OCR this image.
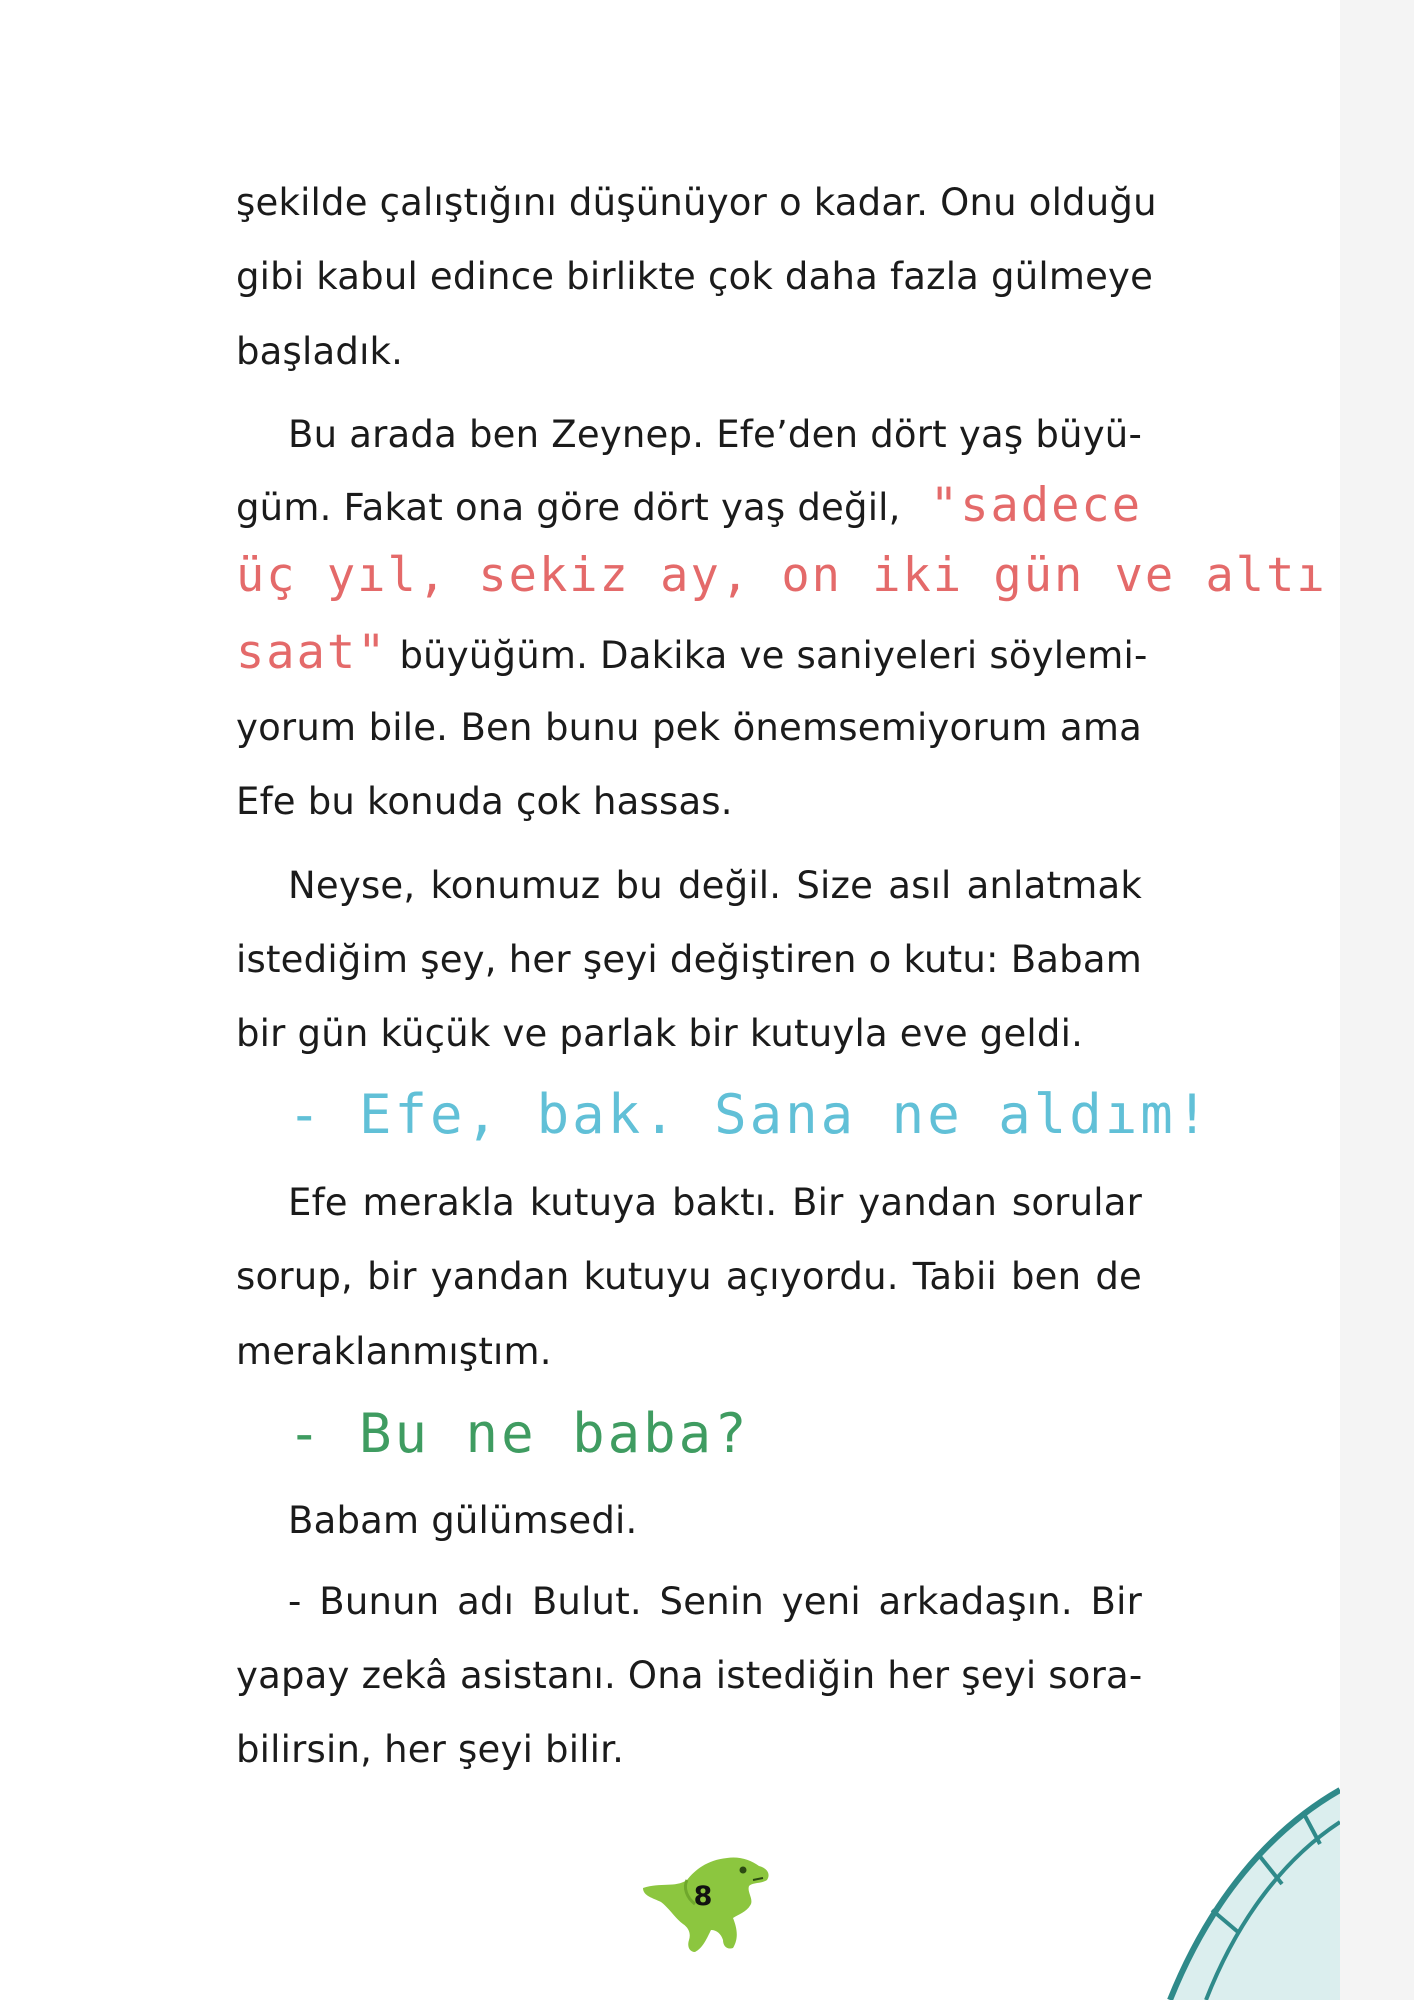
şekilde çalıştığını düşünüyor o kadar. Onu olduğu
gibi kabul edince birlikte çok daha fazla gülmeye
başladık.
Bu arada ben Zeynep. Efe’den dört yaş büyü-
güm. Fakat ona göre dört yaş değil, "sadece
üç yıl, sekiz ay, on iki gün ve altı
saat" büyüğüm. Dakika ve saniyeleri söylemi-
yorum bile. Ben bunu pek önemsemiyorum ama
Efe bu konuda çok hassas.
Neyse, konumuz bu değil. Size asıl anlatmak
istediğim şey, her şeyi değiştiren o kutu: Babam
bir gün küçük ve parlak bir kutuyla eve geldi.
- Efe, bak. Sana ne aldım!
Efe merakla kutuya baktı. Bir yandan sorular
sorup, bir yandan kutuyu açıyordu. Tabii ben de
meraklanmıştım.
- Bu ne baba?
Babam gülümsedi.
- Bunun adı Bulut. Senin yeni arkadaşın. Bir
yapay zekâ asistanı. Ona istediğin her şeyi sora-
bilirsin, her şeyi bilir.
8
